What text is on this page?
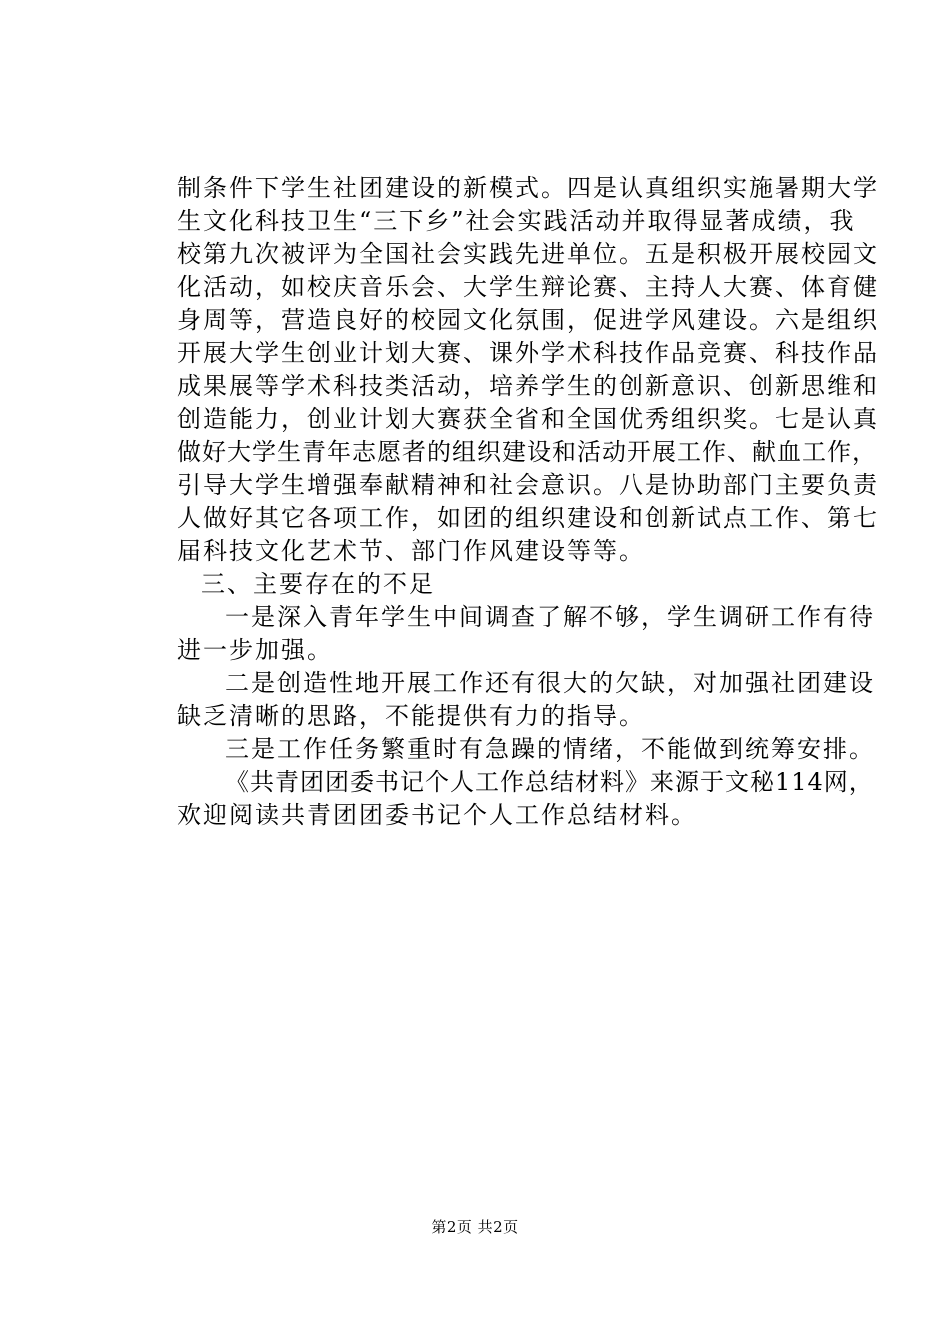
制条件下学生社团建设的新模式。四是认真组织实施暑期大学
生文化科技卫生“三下乡”社会实践活动并取得显著成绩，我
校第九次被评为全国社会实践先进单位。五是积极开展校园文
化活动，如校庆音乐会、大学生辩论赛、主持人大赛、体育健
身周等，营造良好的校园文化氛围，促进学风建设。六是组织
开展大学生创业计划大赛、课外学术科技作品竞赛、科技作品
成果展等学术科技类活动，培养学生的创新意识、创新思维和
创造能力，创业计划大赛获全省和全国优秀组织奖。七是认真
做好大学生青年志愿者的组织建设和活动开展工作、献血工作，
引导大学生增强奉献精神和社会意识。八是协助部门主要负责
人做好其它各项工作，如团的组织建设和创新试点工作、第七
届科技文化艺术节、部门作风建设等等。
三、主要存在的不足
一是深入青年学生中间调查了解不够，学生调研工作有待
进一步加强。
二是创造性地开展工作还有很大的欠缺，对加强社团建设
缺乏清晰的思路，不能提供有力的指导。
三是工作任务繁重时有急躁的情绪，不能做到统筹安排。
《共青团团委书记个人工作总结材料》来源于文秘114网，
欢迎阅读共青团团委书记个人工作总结材料。
第2页 共2页
